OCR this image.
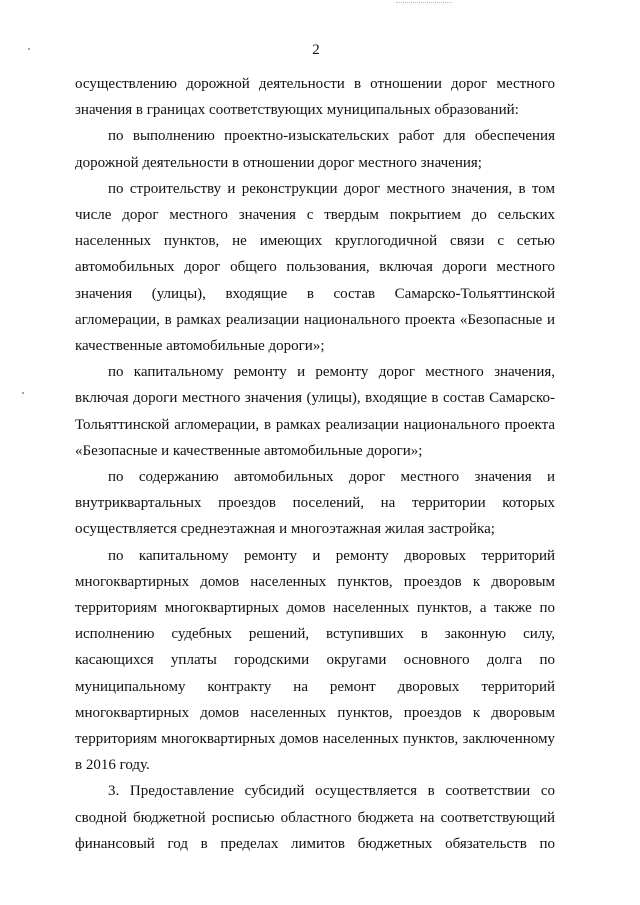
2

осуществлению дорожной деятельности в отношении дорог местного значения в границах соответствующих муниципальных образований:

по выполнению проектно-изыскательских работ для обеспечения дорожной деятельности в отношении дорог местного значения;

по строительству и реконструкции дорог местного значения, в том числе дорог местного значения с твердым покрытием до сельских населенных пунктов, не имеющих круглогодичной связи с сетью автомобильных дорог общего пользования, включая дороги местного значения (улицы), входящие в состав Самарско-Тольяттинской агломерации, в рамках реализации национального проекта «Безопасные и качественные автомобильные дороги»;

по капитальному ремонту и ремонту дорог местного значения, включая дороги местного значения (улицы), входящие в состав Самарско-Тольяттинской агломерации, в рамках реализации национального проекта «Безопасные и качественные автомобильные дороги»;

по содержанию автомобильных дорог местного значения и внутриквартальных проездов поселений, на территории которых осуществляется среднеэтажная и многоэтажная жилая застройка;

по капитальному ремонту и ремонту дворовых территорий многоквартирных домов населенных пунктов, проездов к дворовым территориям многоквартирных домов населенных пунктов, а также по исполнению судебных решений, вступивших в законную силу, касающихся уплаты городскими округами основного долга по муниципальному контракту на ремонт дворовых территорий многоквартирных домов населенных пунктов, проездов к дворовым территориям многоквартирных домов населенных пунктов, заключенному в 2016 году.

3. Предоставление субсидий осуществляется в соответствии со сводной бюджетной росписью областного бюджета на соответствующий финансовый год в пределах лимитов бюджетных обязательств по
